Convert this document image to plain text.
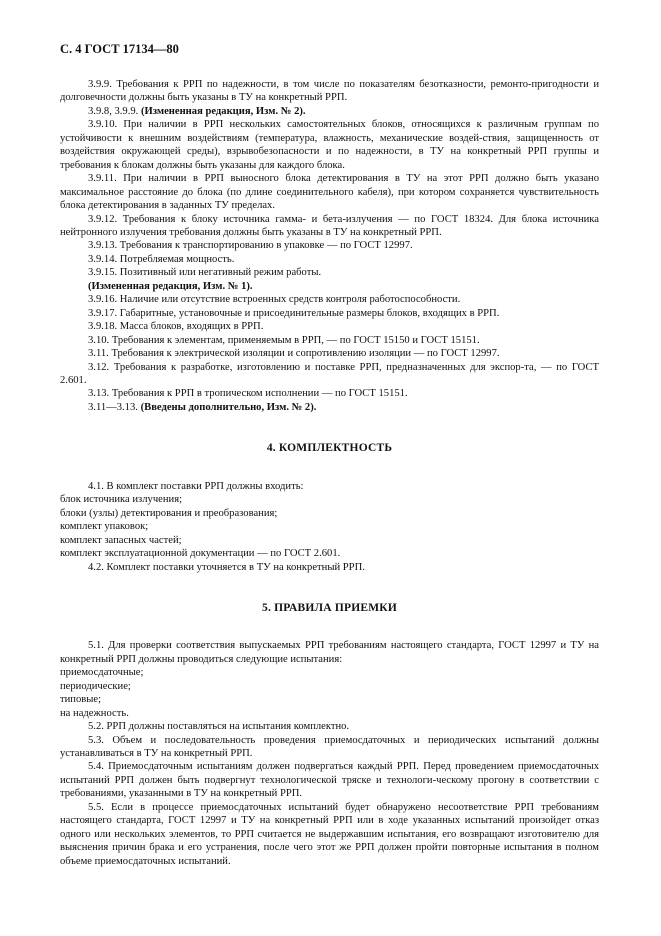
С. 4 ГОСТ 17134—80

3.9.9. Требования к РРП по надежности, в том числе по показателям безотказности, ремонто-пригодности и долговечности должны быть указаны в ТУ на конкретный РРП.

3.9.8, 3.9.9. (Измененная редакция, Изм. № 2).

3.9.10. При наличии в РРП нескольких самостоятельных блоков, относящихся к различным группам по устойчивости к внешним воздействиям (температура, влажность, механические воздей-ствия, защищенность от воздействия окружающей среды), взрывобезопасности и по надежности, в ТУ на конкретный РРП группы и требования к блокам должны быть указаны для каждого блока.

3.9.11. При наличии в РРП выносного блока детектирования в ТУ на этот РРП должно быть указано максимальное расстояние до блока (по длине соединительного кабеля), при котором сохраняется чувствительность блока детектирования в заданных ТУ пределах.

3.9.12. Требования к блоку источника гамма- и бета-излучения — по ГОСТ 18324. Для блока источника нейтронного излучения требования должны быть указаны в ТУ на конкретный РРП.

3.9.13. Требования к транспортированию в упаковке — по ГОСТ 12997.

3.9.14. Потребляемая мощность.

3.9.15. Позитивный или негативный режим работы.

(Измененная редакция, Изм. № 1).

3.9.16. Наличие или отсутствие встроенных средств контроля работоспособности.

3.9.17. Габаритные, установочные и присоединительные размеры блоков, входящих в РРП.

3.9.18. Масса блоков, входящих в РРП.

3.10. Требования к элементам, применяемым в РРП, — по ГОСТ 15150 и ГОСТ 15151.

3.11. Требования к электрической изоляции и сопротивлению изоляции — по ГОСТ 12997.

3.12. Требования к разработке, изготовлению и поставке РРП, предназначенных для экспор-та, — по ГОСТ 2.601.

3.13. Требования к РРП в тропическом исполнении — по ГОСТ 15151.

3.11—3.13. (Введены дополнительно, Изм. № 2).

4. КОМПЛЕКТНОСТЬ

4.1. В комплект поставки РРП должны входить:

блок источника излучения;

блоки (узлы) детектирования и преобразования;

комплект упаковок;

комплект запасных частей;

комплект эксплуатационной документации — по ГОСТ 2.601.

4.2. Комплект поставки уточняется в ТУ на конкретный РРП.

5. ПРАВИЛА ПРИЕМКИ

5.1. Для проверки соответствия выпускаемых РРП требованиям настоящего стандарта, ГОСТ 12997 и ТУ на конкретный РРП должны проводиться следующие испытания:

приемосдаточные;

периодические;

типовые;

на надежность.

5.2. РРП должны поставляться на испытания комплектно.

5.3. Объем и последовательность проведения приемосдаточных и периодических испытаний должны устанавливаться в ТУ на конкретный РРП.

5.4. Приемосдаточным испытаниям должен подвергаться каждый РРП. Перед проведением приемосдаточных испытаний РРП должен быть подвергнут технологической тряске и технологи-ческому прогону в соответствии с требованиями, указанными в ТУ на конкретный РРП.

5.5. Если в процессе приемосдаточных испытаний будет обнаружено несоответствие РРП требованиям настоящего стандарта, ГОСТ 12997 и ТУ на конкретный РРП или в ходе указанных испытаний произойдет отказ одного или нескольких элементов, то РРП считается не выдержавшим испытания, его возвращают изготовителю для выяснения причин брака и его устранения, после чего этот же РРП должен пройти повторные испытания в полном объеме приемосдаточных испытаний.
